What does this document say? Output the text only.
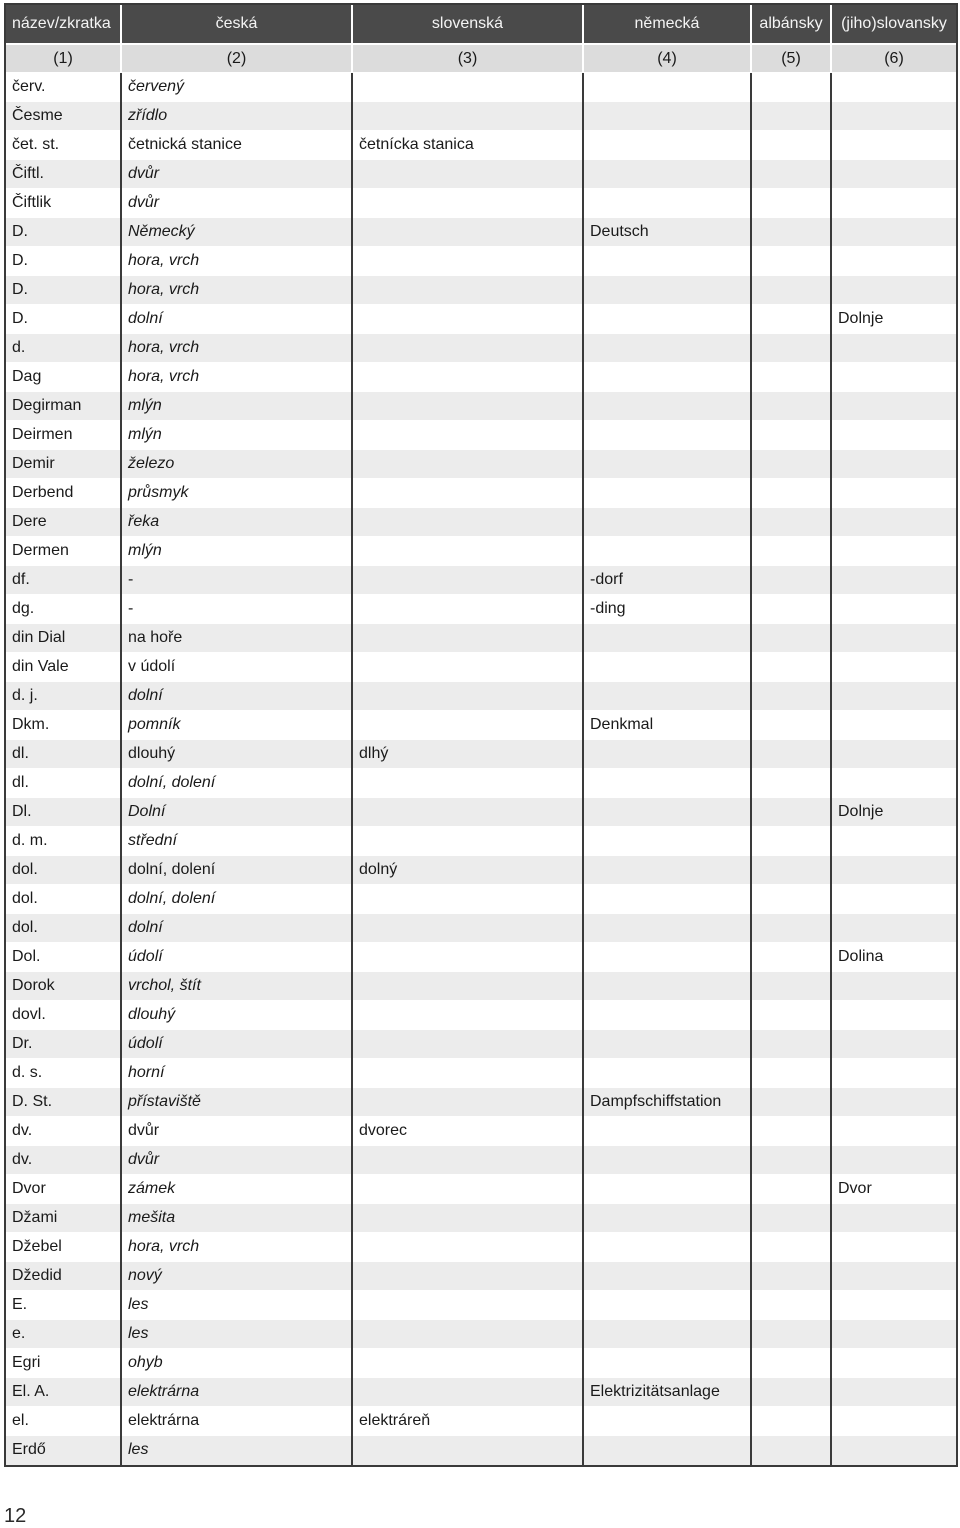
název/zkratka	česká	slovenská	německá	albánsky	(jiho)slovansky
(1)	(2)	(3)	(4)	(5)	(6)
červ.	červený				
Česme	zřídlo				
čet. st.	četnická stanice	četnícka stanica			
Čiftl.	dvůr				
Čiftlik	dvůr				
D.	Německý		Deutsch		
D.	hora, vrch				
D.	hora, vrch				
D.	dolní				Dolnje
d.	hora, vrch				
Dag	hora, vrch				
Degirman	mlýn				
Deirmen	mlýn				
Demir	železo				
Derbend	průsmyk				
Dere	řeka				
Dermen	mlýn				
df.	-		-dorf		
dg.	-		-ding		
din Dial	na hoře				
din Vale	v údolí				
d. j.	dolní				
Dkm.	pomník		Denkmal		
dl.	dlouhý	dlhý			
dl.	dolní, dolení				
Dl.	Dolní				Dolnje
d. m.	střední				
dol.	dolní, dolení	dolný			
dol.	dolní, dolení				
dol.	dolní				
Dol.	údolí				Dolina
Dorok	vrchol, štít				
dovl.	dlouhý				
Dr.	údolí				
d. s.	horní				
D. St.	přístaviště		Dampfschiffstation		
dv.	dvůr	dvorec			
dv.	dvůr				
Dvor	zámek				Dvor
Džami	mešita				
Džebel	hora, vrch				
Džedid	nový				
E.	les				
e.	les				
Egri	ohyb				
El. A.	elektrárna		Elektrizitätsanlage		
el.	elektrárna	elektráreň			
Erdő	les				
12
